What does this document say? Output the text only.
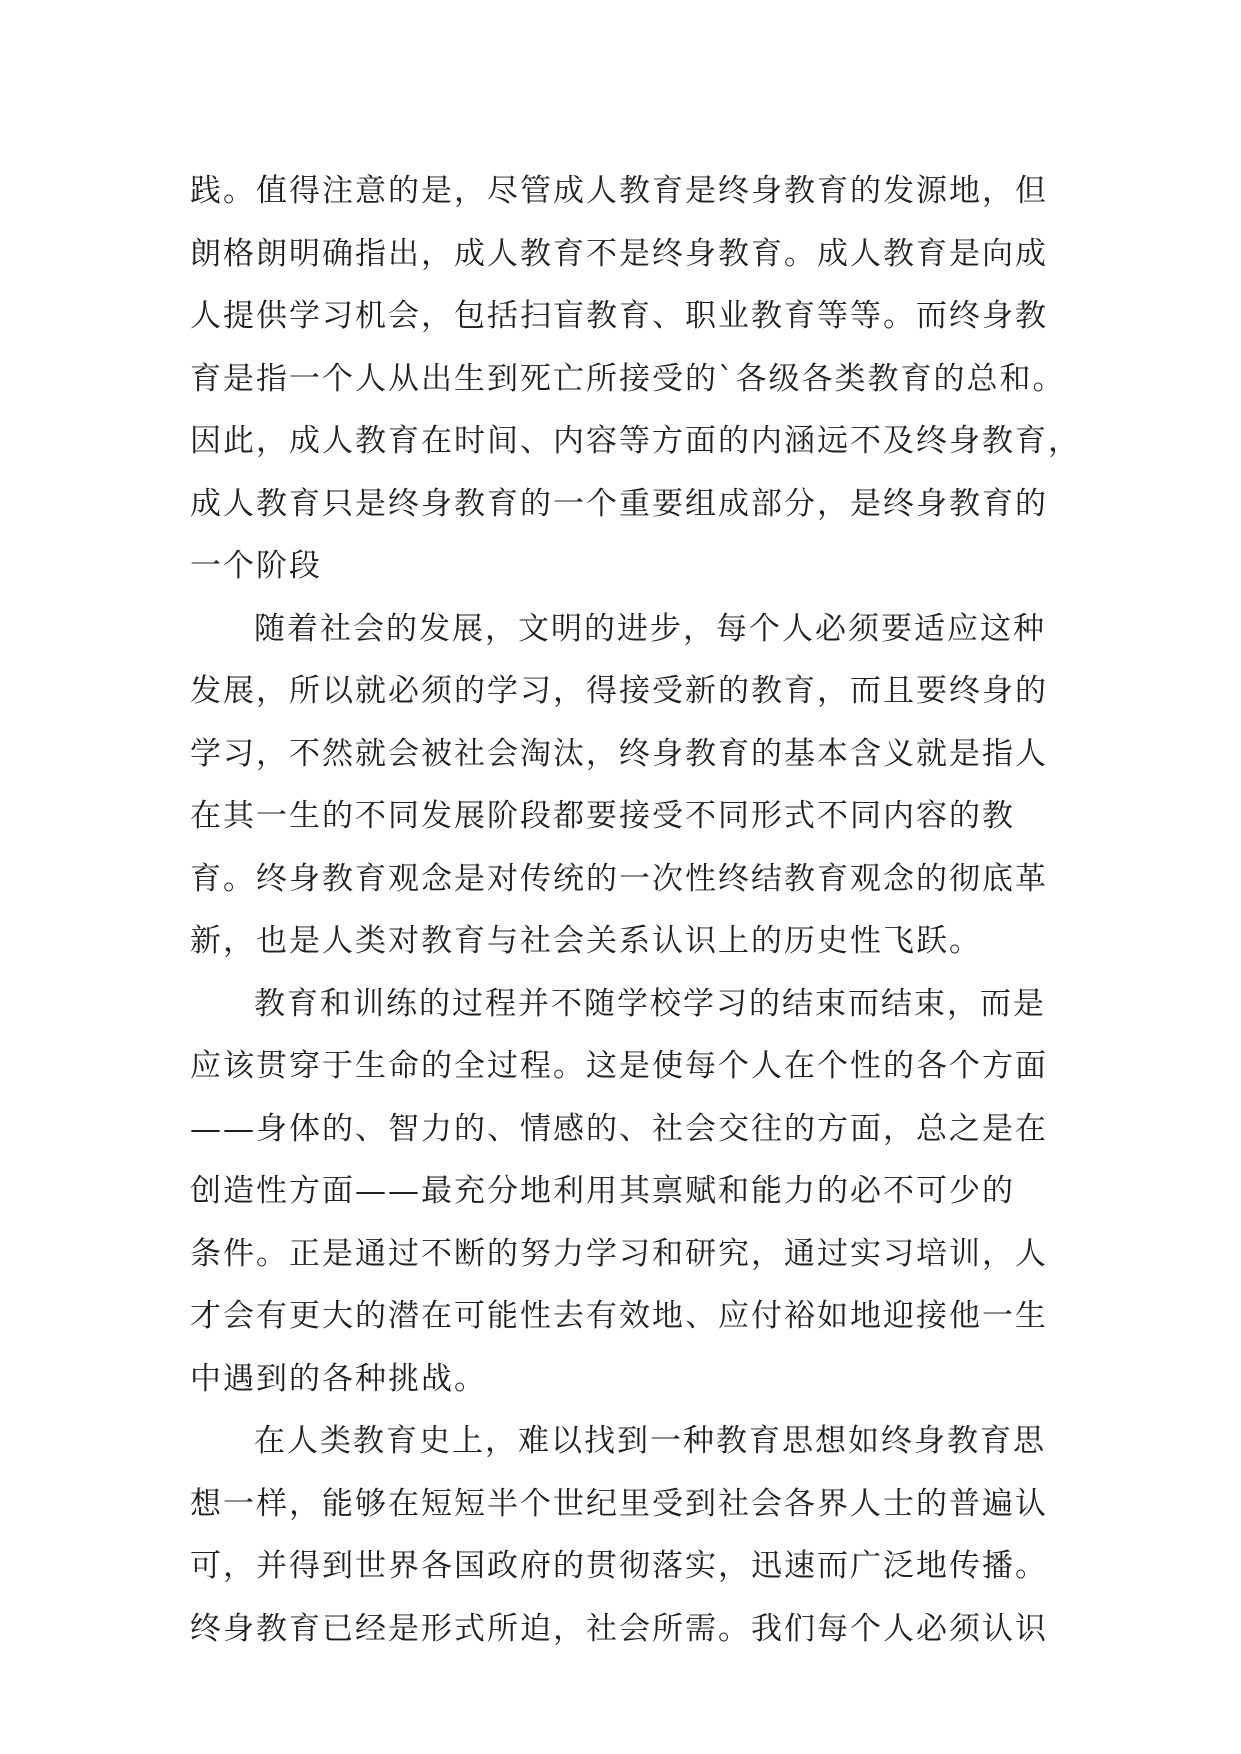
践。值得注意的是，尽管成人教育是终身教育的发源地，但
朗格朗明确指出，成人教育不是终身教育。成人教育是向成
人提供学习机会，包括扫盲教育、职业教育等等。而终身教
育是指一个人从出生到死亡所接受的`各级各类教育的总和。
因此，成人教育在时间、内容等方面的内涵远不及终身教育，
成人教育只是终身教育的一个重要组成部分，是终身教育的
一个阶段
随着社会的发展，文明的进步，每个人必须要适应这种
发展，所以就必须的学习，得接受新的教育，而且要终身的
学习，不然就会被社会淘汰，终身教育的基本含义就是指人
在其一生的不同发展阶段都要接受不同形式不同内容的教
育。终身教育观念是对传统的一次性终结教育观念的彻底革
新，也是人类对教育与社会关系认识上的历史性飞跃。
教育和训练的过程并不随学校学习的结束而结束，而是
应该贯穿于生命的全过程。这是使每个人在个性的各个方面
——身体的、智力的、情感的、社会交往的方面，总之是在
创造性方面——最充分地利用其禀赋和能力的必不可少的
条件。正是通过不断的努力学习和研究，通过实习培训，人
才会有更大的潜在可能性去有效地、应付裕如地迎接他一生
中遇到的各种挑战。
在人类教育史上，难以找到一种教育思想如终身教育思
想一样，能够在短短半个世纪里受到社会各界人士的普遍认
可，并得到世界各国政府的贯彻落实，迅速而广泛地传播。
终身教育已经是形式所迫，社会所需。我们每个人必须认识
